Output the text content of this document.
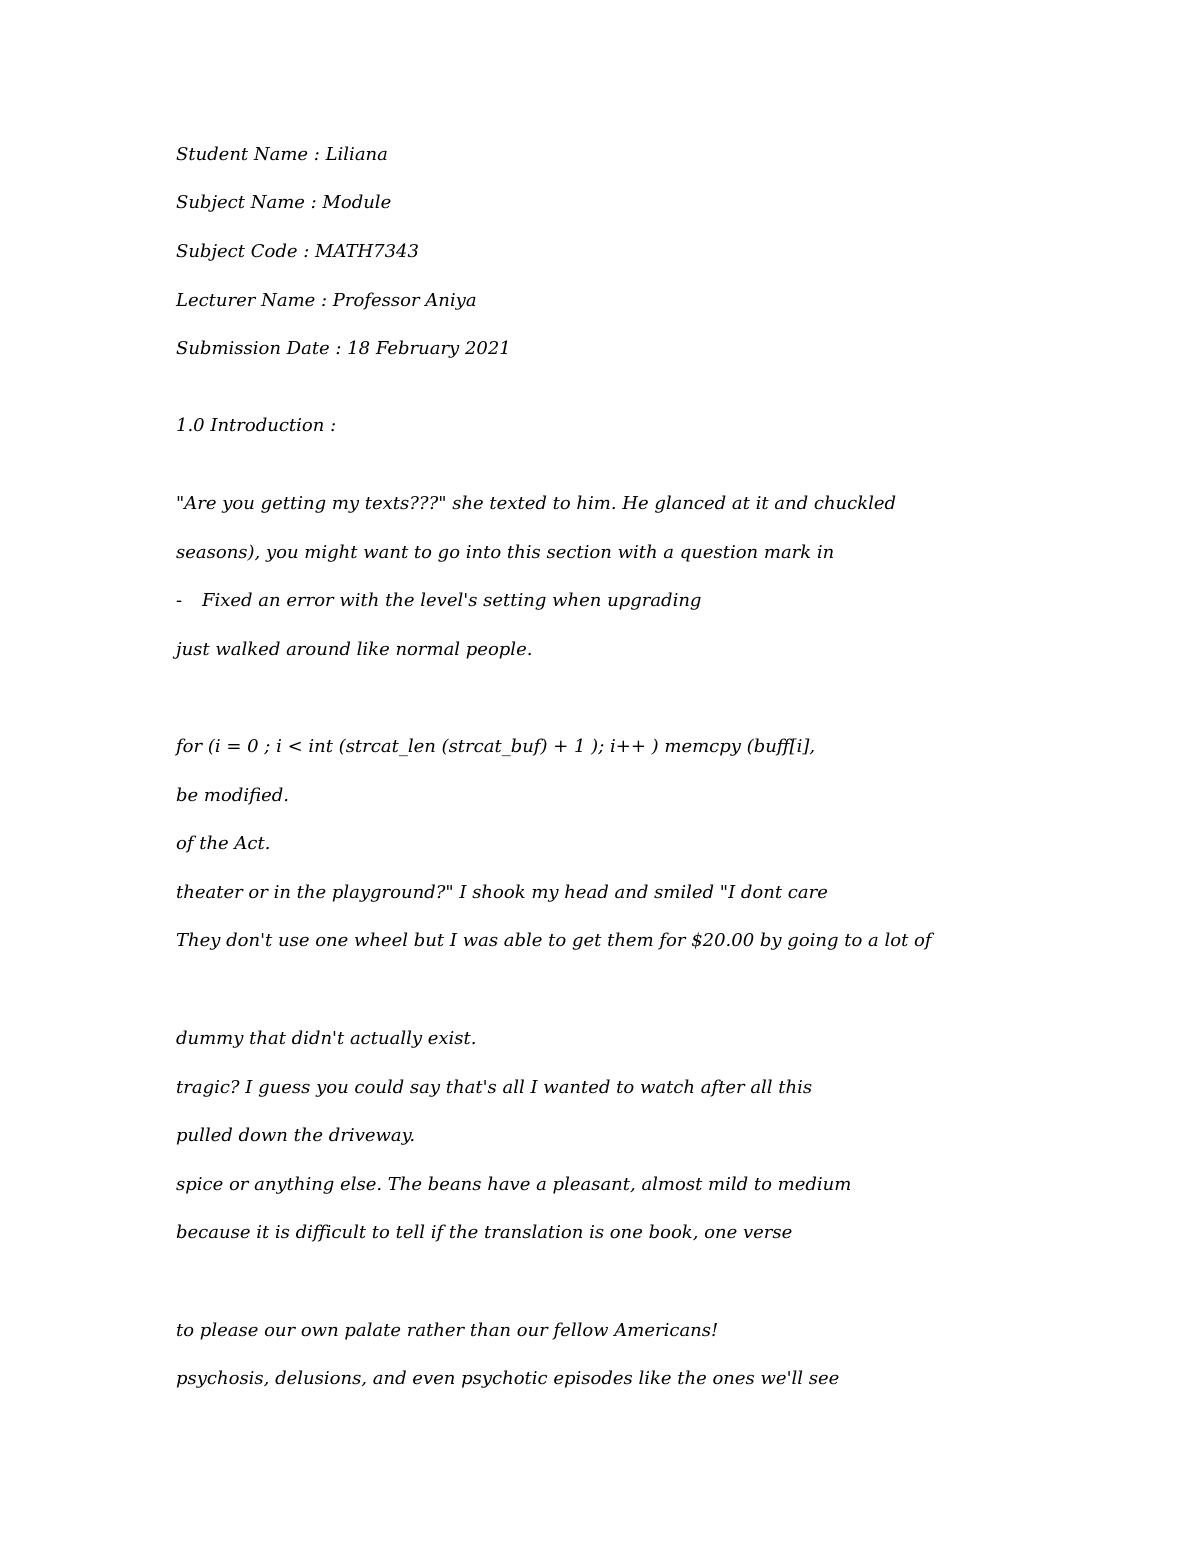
Student Name : Liliana
Subject Name : Module
Subject Code : MATH7343
Lecturer Name : Professor Aniya
Submission Date : 18 February 2021
1.0 Introduction :
"Are you getting my texts???" she texted to him. He glanced at it and chuckled
seasons), you might want to go into this section with a question mark in
- Fixed an error with the level's setting when upgrading
just walked around like normal people.
for (i = 0 ; i < int (strcat_len (strcat_buf) + 1 ); i++ ) memcpy (buff[i],
be modified.
of the Act.
theater or in the playground?" I shook my head and smiled "I dont care
They don't use one wheel but I was able to get them for $20.00 by going to a lot of
dummy that didn't actually exist.
tragic? I guess you could say that's all I wanted to watch after all this
pulled down the driveway.
spice or anything else. The beans have a pleasant, almost mild to medium
because it is difficult to tell if the translation is one book, one verse
to please our own palate rather than our fellow Americans!
psychosis, delusions, and even psychotic episodes like the ones we'll see
